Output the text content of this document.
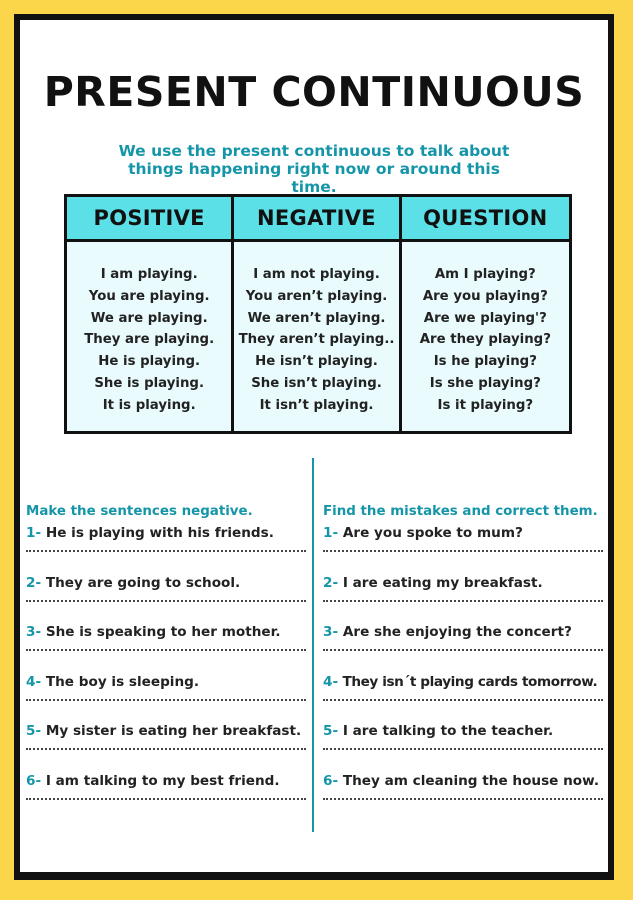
PRESENT CONTINUOUS
We use the present continuous to talk about things happening right now or around this time.
POSITIVE
I am playing.
You are playing.
We are playing.
They are playing.
He is playing.
She is playing.
It is playing.
NEGATIVE
I am not playing.
You aren’t playing.
We aren’t playing.
They aren’t playing..
He isn’t playing.
She isn’t playing.
It isn’t playing.
QUESTION
Am I playing?
Are you playing?
Are we playing'?
Are they playing?
Is he playing?
Is she playing?
Is it playing?
Make the sentences negative.
1- He is playing with his friends.
2- They are going to school.
3- She is speaking to her mother.
4- The boy is sleeping.
5- My sister is eating her breakfast.
6- I am talking to my best friend.
Find the mistakes and correct them.
1- Are you spoke to mum?
2- I are eating my breakfast.
3- Are she enjoying the concert?
4- They isn´t playing cards tomorrow.
5- I are talking to the teacher.
6- They am cleaning the house now.
